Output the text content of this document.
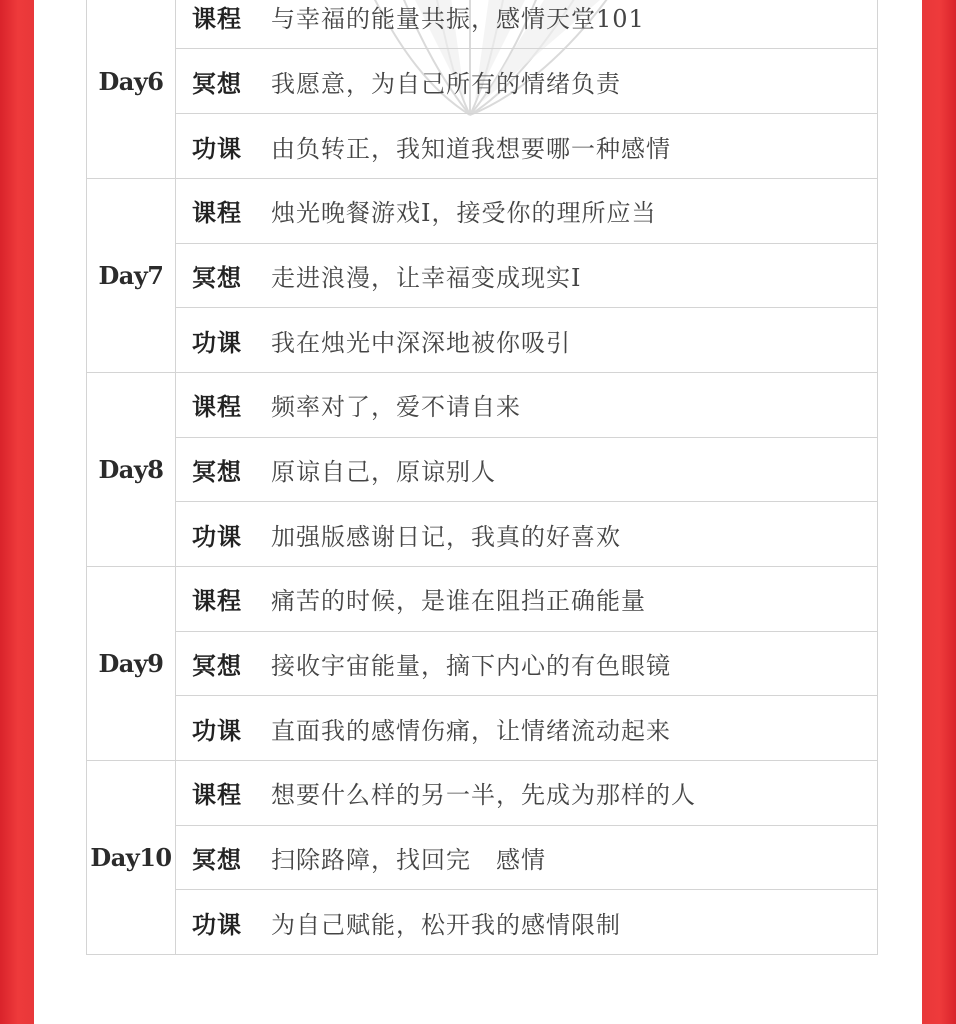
Day6
课程	与幸福的能量共振，感情天堂101
冥想	我愿意，为自己所有的情绪负责
功课	由负转正，我知道我想要哪一种感情
Day7
课程	烛光晚餐游戏Ⅰ，接受你的理所应当
冥想	走进浪漫，让幸福变成现实Ⅰ
功课	我在烛光中深深地被你吸引
Day8
课程	频率对了，爱不请自来
冥想	原谅自己，原谅别人
功课	加强版感谢日记，我真的好喜欢
Day9
课程	痛苦的时候，是谁在阻挡正确能量
冥想	接收宇宙能量，摘下内心的有色眼镜
功课	直面我的感情伤痛，让情绪流动起来
Day10
课程	想要什么样的另一半，先成为那样的人
冥想	扫除路障，找回完　感情
功课	为自己赋能，松开我的感情限制
